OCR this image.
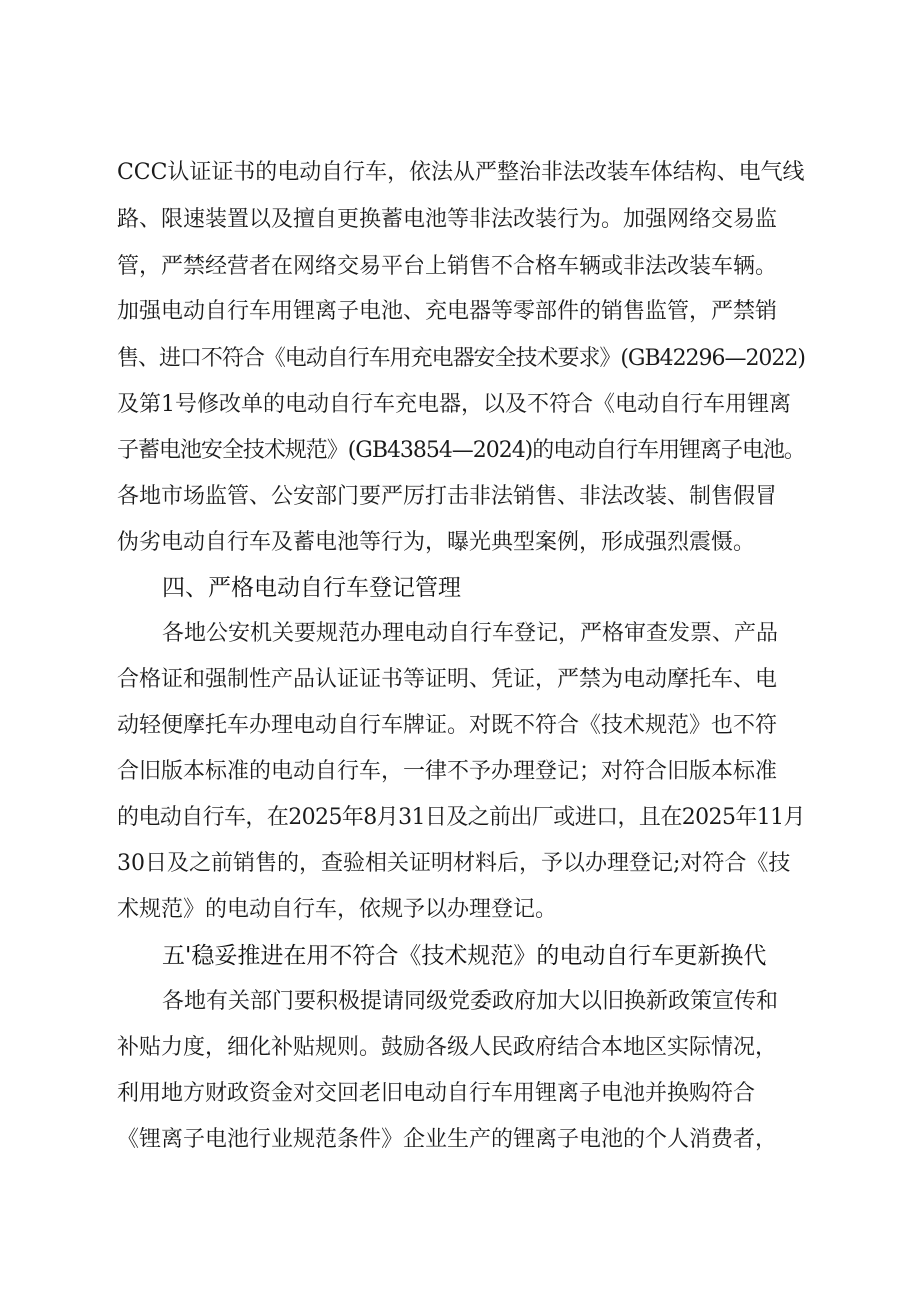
CCC认证证书的电动自行车，依法从严整治非法改装车体结构、电气线
路、限速装置以及擅自更换蓄电池等非法改装行为。加强网络交易监
管，严禁经营者在网络交易平台上销售不合格车辆或非法改装车辆。
加强电动自行车用锂离子电池、充电器等零部件的销售监管，严禁销
售、进口不符合《电动自行车用充电器安全技术要求》(GB42296—2022)
及第1号修改单的电动自行车充电器，以及不符合《电动自行车用锂离
子蓄电池安全技术规范》(GB43854—2024)的电动自行车用锂离子电池。
各地市场监管、公安部门要严厉打击非法销售、非法改装、制售假冒
伪劣电动自行车及蓄电池等行为，曝光典型案例，形成强烈震慑。
四、严格电动自行车登记管理
各地公安机关要规范办理电动自行车登记，严格审查发票、产品
合格证和强制性产品认证证书等证明、凭证，严禁为电动摩托车、电
动轻便摩托车办理电动自行车牌证。对既不符合《技术规范》也不符
合旧版本标准的电动自行车，一律不予办理登记；对符合旧版本标准
的电动自行车，在2025年8月31日及之前出厂或进口，且在2025年11月
30日及之前销售的，查验相关证明材料后，予以办理登记;对符合《技
术规范》的电动自行车，依规予以办理登记。
五'稳妥推进在用不符合《技术规范》的电动自行车更新换代
各地有关部门要积极提请同级党委政府加大以旧换新政策宣传和
补贴力度，细化补贴规则。鼓励各级人民政府结合本地区实际情况，
利用地方财政资金对交回老旧电动自行车用锂离子电池并换购符合
《锂离子电池行业规范条件》企业生产的锂离子电池的个人消费者，
